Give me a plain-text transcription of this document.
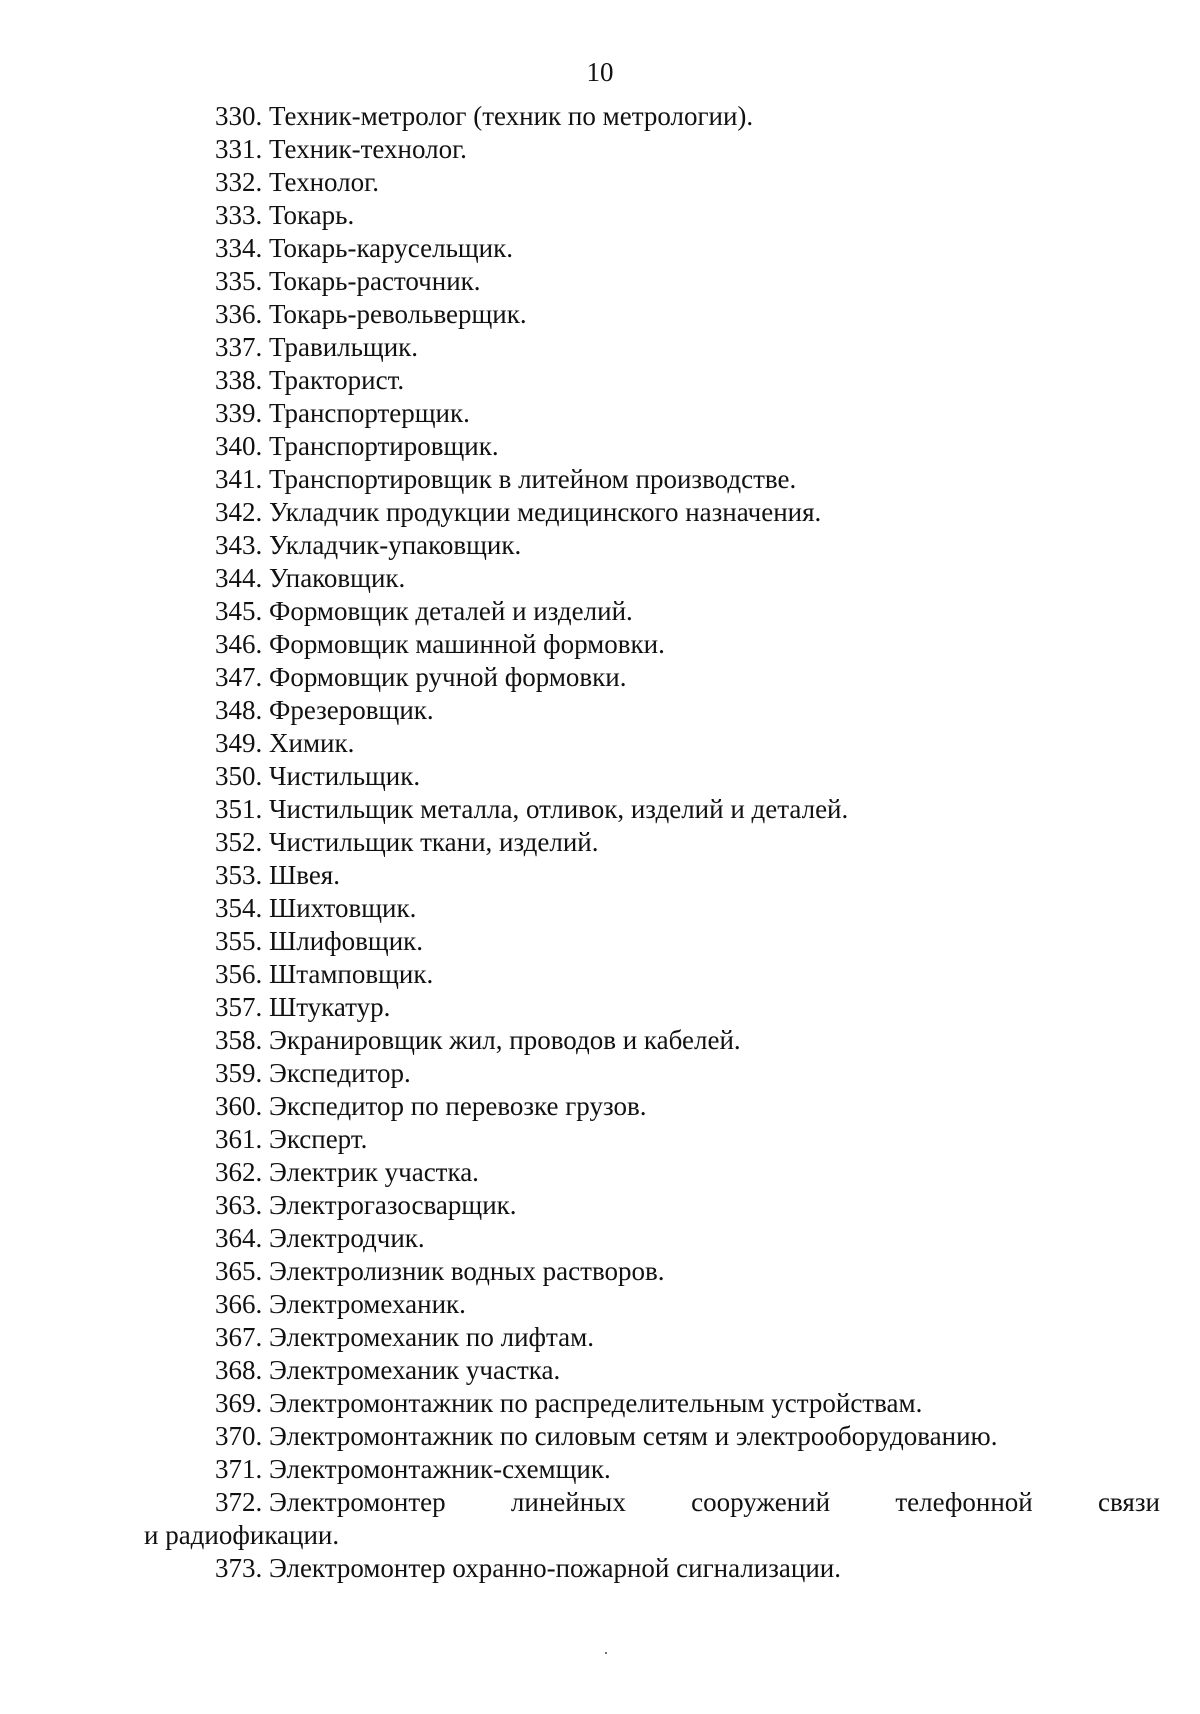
10
330. Техник-метролог (техник по метрологии).
331. Техник-технолог.
332. Технолог.
333. Токарь.
334. Токарь-карусельщик.
335. Токарь-расточник.
336. Токарь-револьверщик.
337. Травильщик.
338. Тракторист.
339. Транспортерщик.
340. Транспортировщик.
341. Транспортировщик в литейном производстве.
342. Укладчик продукции медицинского назначения.
343. Укладчик-упаковщик.
344. Упаковщик.
345. Формовщик деталей и изделий.
346. Формовщик машинной формовки.
347. Формовщик ручной формовки.
348. Фрезеровщик.
349. Химик.
350. Чистильщик.
351. Чистильщик металла, отливок, изделий и деталей.
352. Чистильщик ткани, изделий.
353. Швея.
354. Шихтовщик.
355. Шлифовщик.
356. Штамповщик.
357. Штукатур.
358. Экранировщик жил, проводов и кабелей.
359. Экспедитор.
360. Экспедитор по перевозке грузов.
361. Эксперт.
362. Электрик участка.
363. Электрогазосварщик.
364. Электродчик.
365. Электролизник водных растворов.
366. Электромеханик.
367. Электромеханик по лифтам.
368. Электромеханик участка.
369. Электромонтажник по распределительным устройствам.
370. Электромонтажник по силовым сетям и электрооборудованию.
371. Электромонтажник-схемщик.
372. Электромонтер линейных сооружений телефонной связи
и радиофикации.
373. Электромонтер охранно-пожарной сигнализации.
